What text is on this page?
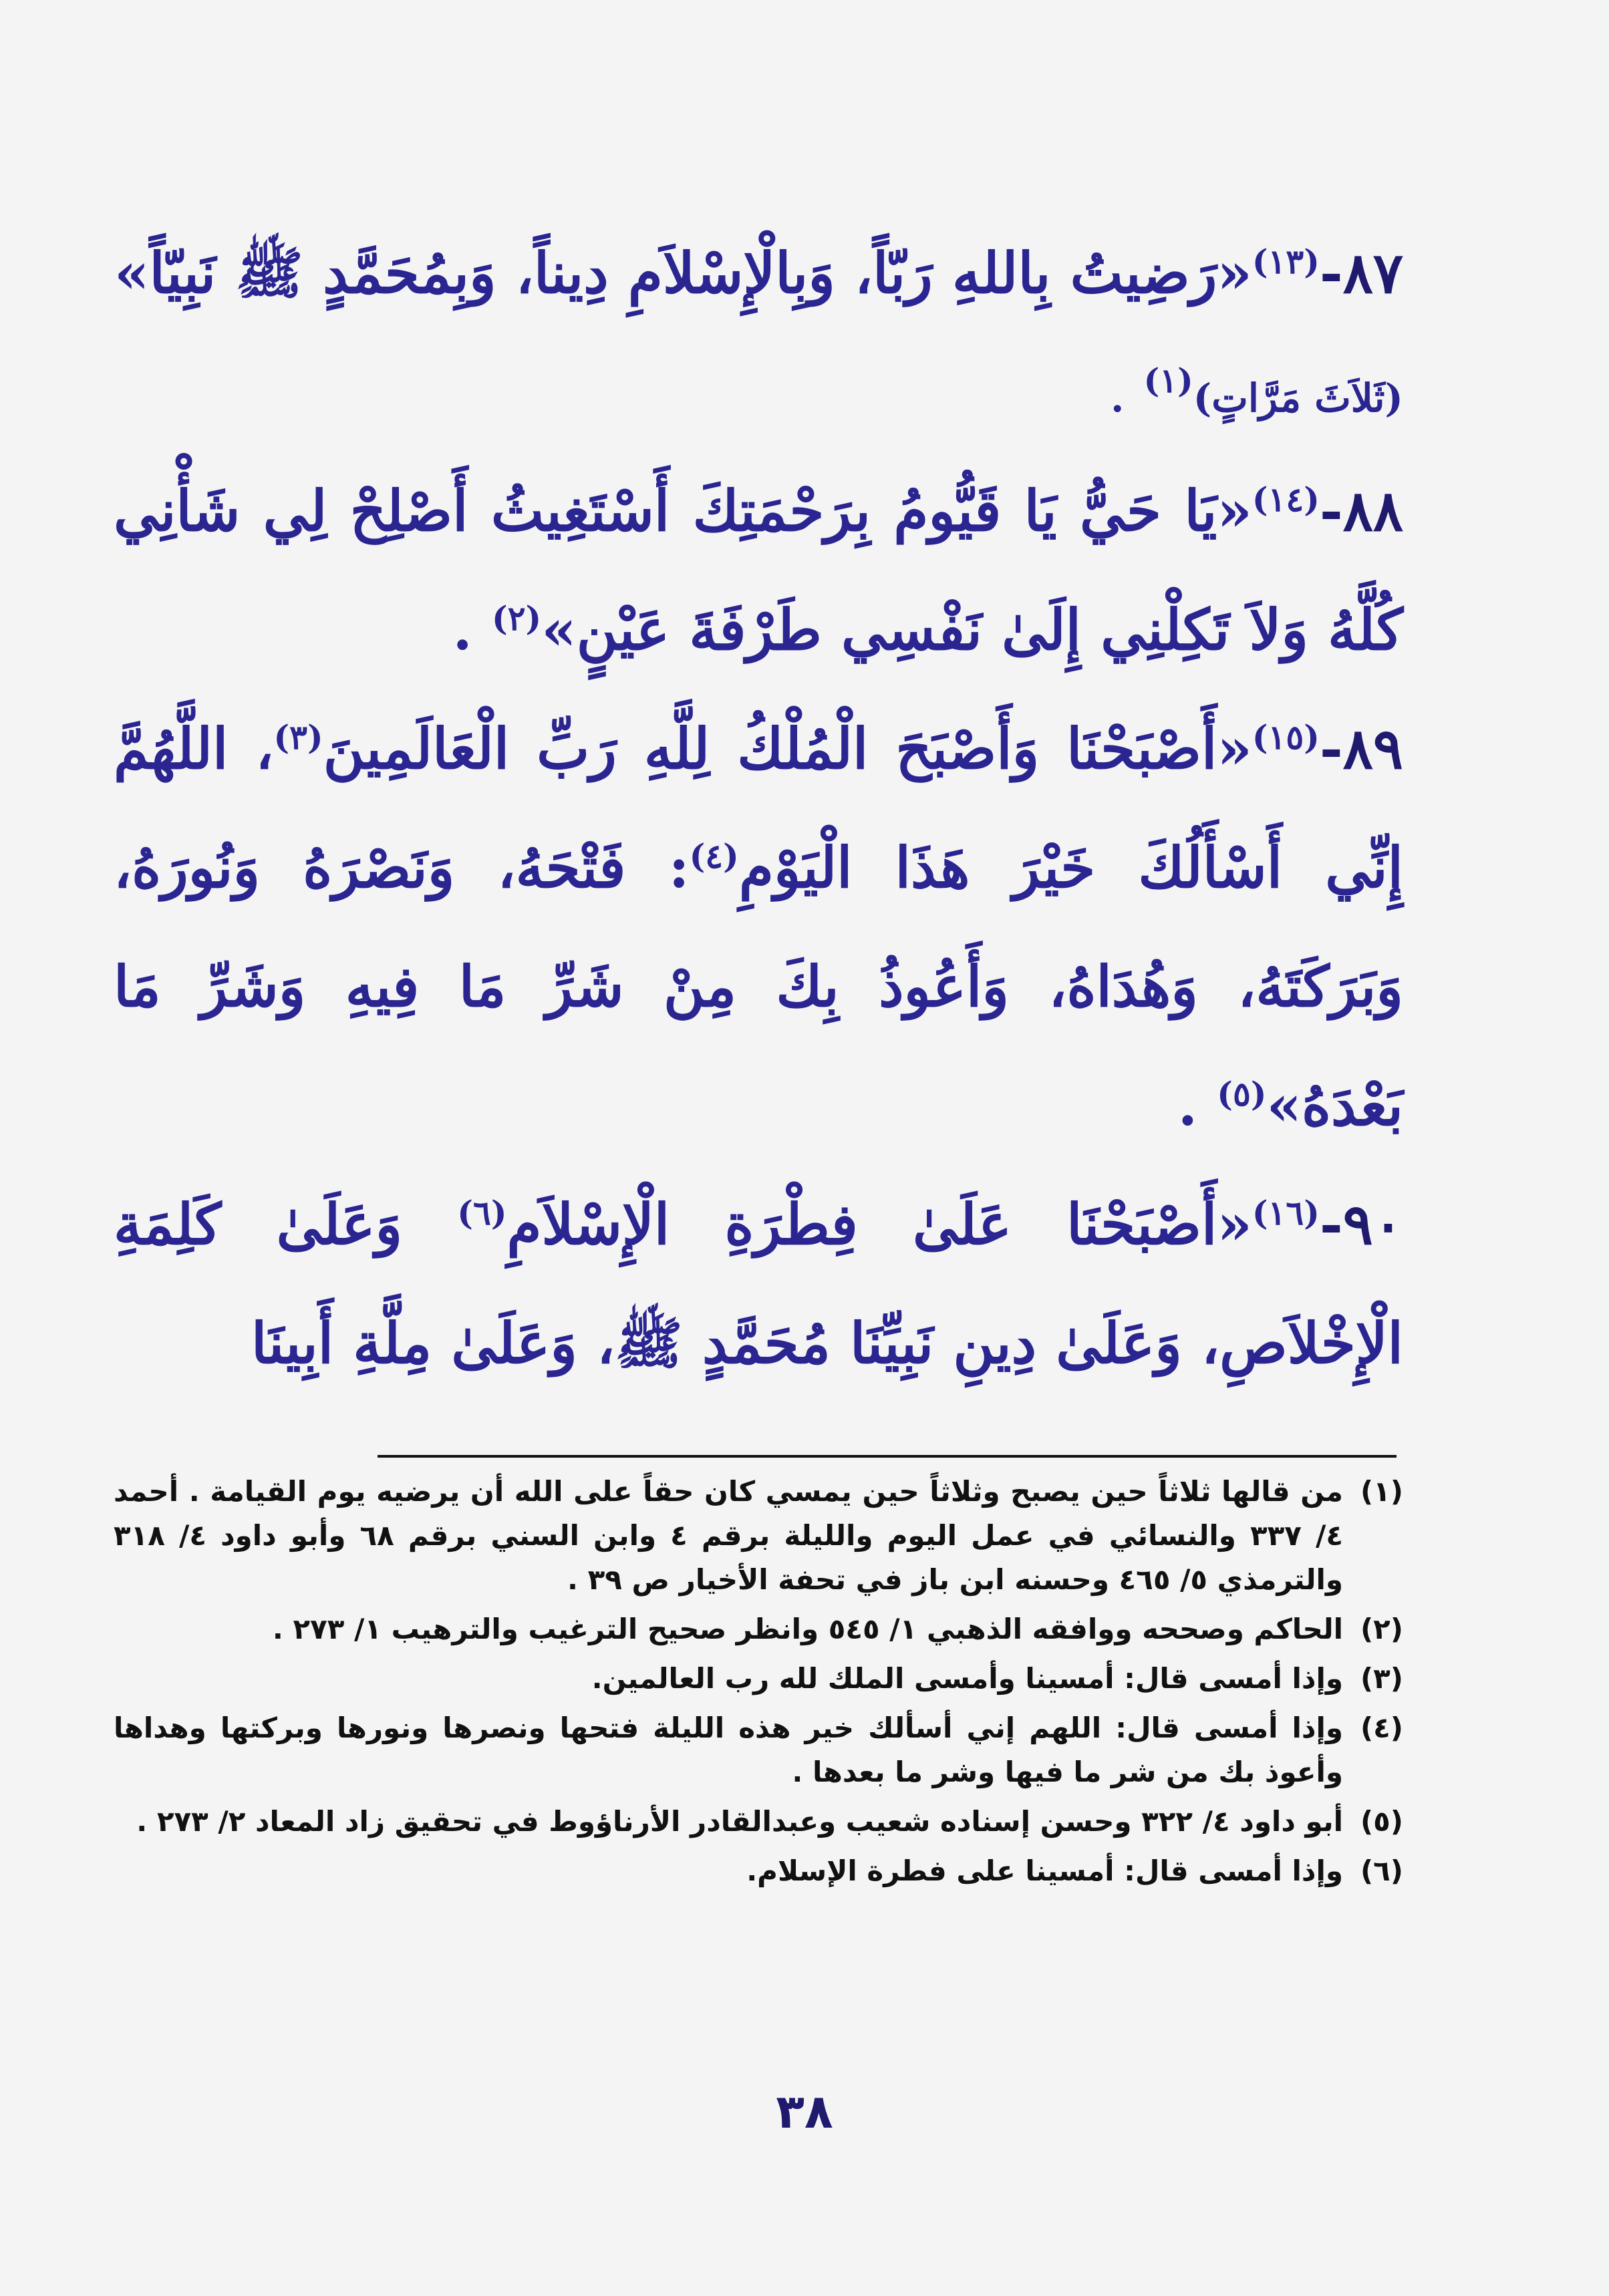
٨٧-$^{(١٣)}$«رَضِيتُ بِاللهِ رَبّاً، وَبِالْإِسْلاَمِ دِيناً، وَبِمُحَمَّدٍ ﷺ نَبِيّاً»
(ثَلاَثَ مَرَّاتٍ)$^{(١)}$ .

٨٨-$^{(١٤)}$«يَا حَيُّ يَا قَيُّومُ بِرَحْمَتِكَ أَسْتَغِيثُ أَصْلِحْ لِي شَأْنِي كُلَّهُ وَلاَ تَكِلْنِي إِلَىٰ نَفْسِي طَرْفَةَ عَيْنٍ»$^{(٢)}$ .

٨٩-$^{(١٥)}$«أَصْبَحْنَا وَأَصْبَحَ الْمُلْكُ لِلَّهِ رَبِّ الْعَالَمِينَ$^{(٣)}$، اللَّهُمَّ إِنِّي أَسْأَلُكَ خَيْرَ هَذَا الْيَوْمِ$^{(٤)}$: فَتْحَهُ، وَنَصْرَهُ وَنُورَهُ، وَبَرَكَتَهُ، وَهُدَاهُ، وَأَعُوذُ بِكَ مِنْ شَرِّ مَا فِيهِ وَشَرِّ مَا بَعْدَهُ»$^{(٥)}$ .

٩٠-$^{(١٦)}$«أَصْبَحْنَا عَلَىٰ فِطْرَةِ الْإِسْلاَمِ$^{(٦)}$ وَعَلَىٰ كَلِمَةِ الْإِخْلاَصِ، وَعَلَىٰ دِينِ نَبِيِّنَا مُحَمَّدٍ ﷺ، وَعَلَىٰ مِلَّةِ أَبِينَا

(١)
من قالها ثلاثاً حين يصبح وثلاثاً حين يمسي كان حقاً على الله أن يرضيه يوم القيامة . أحمد ٤/ ٣٣٧ والنسائي في عمل اليوم والليلة برقم ٤ وابن السني برقم ٦٨ وأبو داود ٤/ ٣١٨ والترمذي ٥/ ٤٦٥ وحسنه ابن باز في تحفة الأخيار ص ٣٩ .
(٢)
الحاكم وصححه ووافقه الذهبي ١/ ٥٤٥ وانظر صحيح الترغيب والترهيب ١/ ٢٧٣ .
(٣)
وإذا أمسى قال: أمسينا وأمسى الملك لله رب العالمين.
(٤)
وإذا أمسى قال: اللهم إني أسألك خير هذه الليلة فتحها ونصرها ونورها وبركتها وهداها وأعوذ بك من شر ما فيها وشر ما بعدها .
(٥)
أبو داود ٤/ ٣٢٢ وحسن إسناده شعيب وعبدالقادر الأرناؤوط في تحقيق زاد المعاد ٢/ ٢٧٣ .
(٦)
وإذا أمسى قال: أمسينا على فطرة الإسلام.
٣٨
